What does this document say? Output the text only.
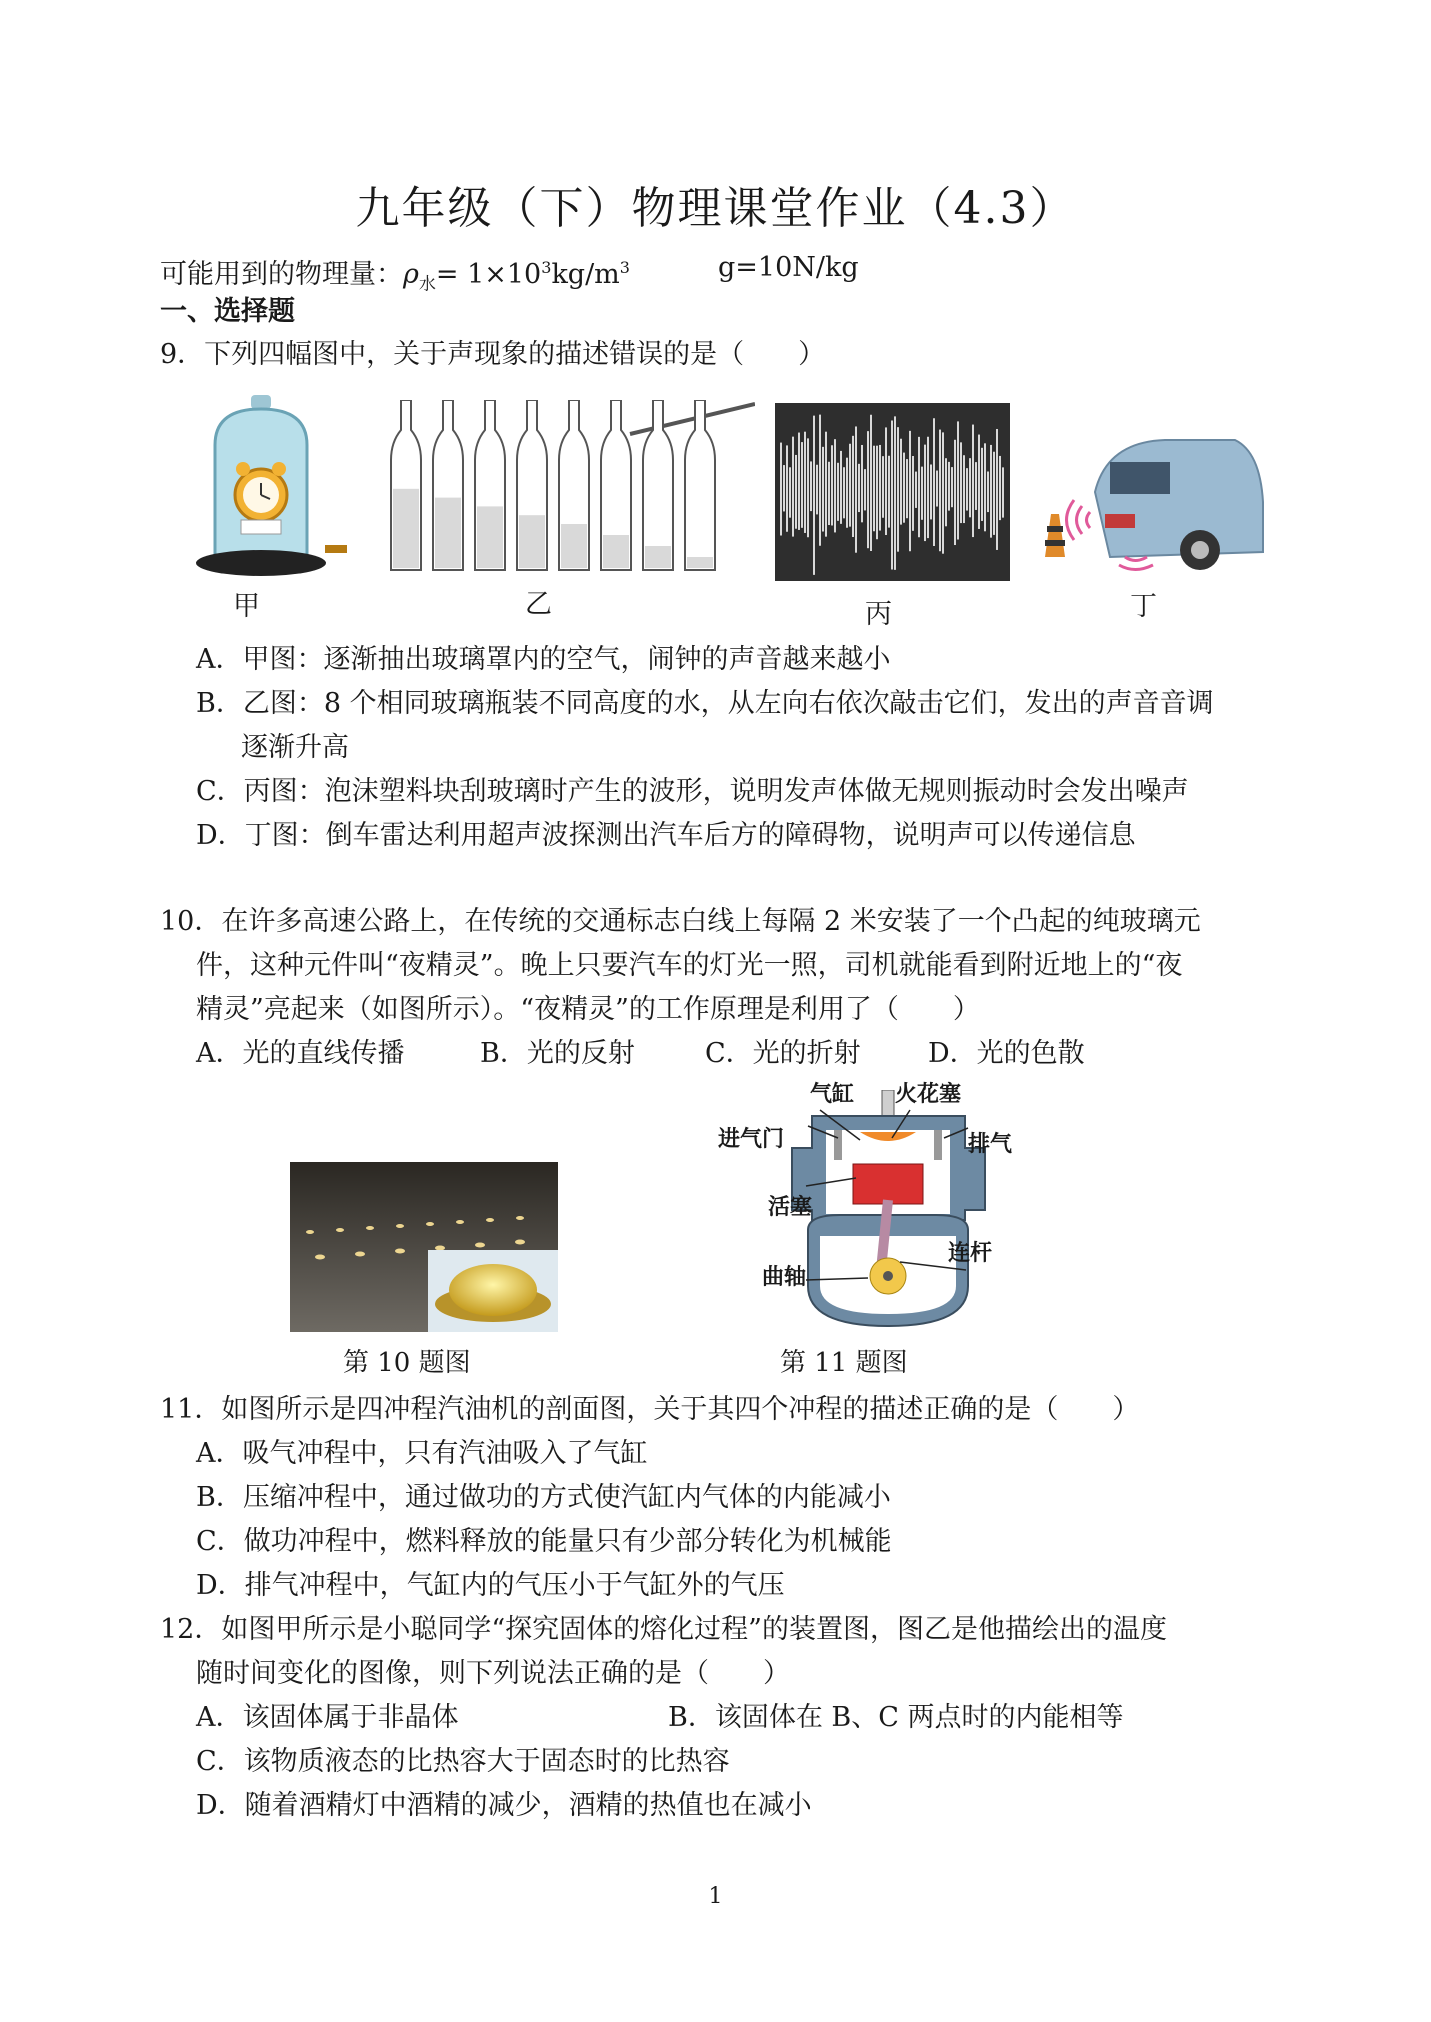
九年级（下）物理课堂作业（4.3）
可能用到的物理量：$\rho_水= 1\times 10^3kg/m^3$	g=10N/kg
一、选择题
9．下列四幅图中，关于声现象的描述错误的是（　　）
甲	乙	丙	丁
A．甲图：逐渐抽出玻璃罩内的空气，闹钟的声音越来越小
B．乙图：8 个相同玻璃瓶装不同高度的水，从左向右依次敲击它们，发出的声音音调
逐渐升高
C．丙图：泡沫塑料块刮玻璃时产生的波形，说明发声体做无规则振动时会发出噪声
D．丁图：倒车雷达利用超声波探测出汽车后方的障碍物，说明声可以传递信息
10．在许多高速公路上，在传统的交通标志白线上每隔 2 米安装了一个凸起的纯玻璃元
件，这种元件叫“夜精灵”。晚上只要汽车的灯光一照，司机就能看到附近地上的“夜
精灵”亮起来（如图所示）。“夜精灵”的工作原理是利用了（　　）
A．光的直线传播	B．光的反射	C．光的折射 D．光的色散
第 10 题图
气缸 火花塞
进气门	排气
活塞
连杆
曲轴
第 11 题图
11．如图所示是四冲程汽油机的剖面图，关于其四个冲程的描述正确的是（　　）
A．吸气冲程中，只有汽油吸入了气缸
B．压缩冲程中，通过做功的方式使汽缸内气体的内能减小
C．做功冲程中，燃料释放的能量只有少部分转化为机械能
D．排气冲程中，气缸内的气压小于气缸外的气压
12．如图甲所示是小聪同学“探究固体的熔化过程”的装置图，图乙是他描绘出的温度
随时间变化的图像，则下列说法正确的是（　　）
A．该固体属于非晶体	B．该固体在 B、C 两点时的内能相等
C．该物质液态的比热容大于固态时的比热容
D．随着酒精灯中酒精的减少，酒精的热值也在减小
1
